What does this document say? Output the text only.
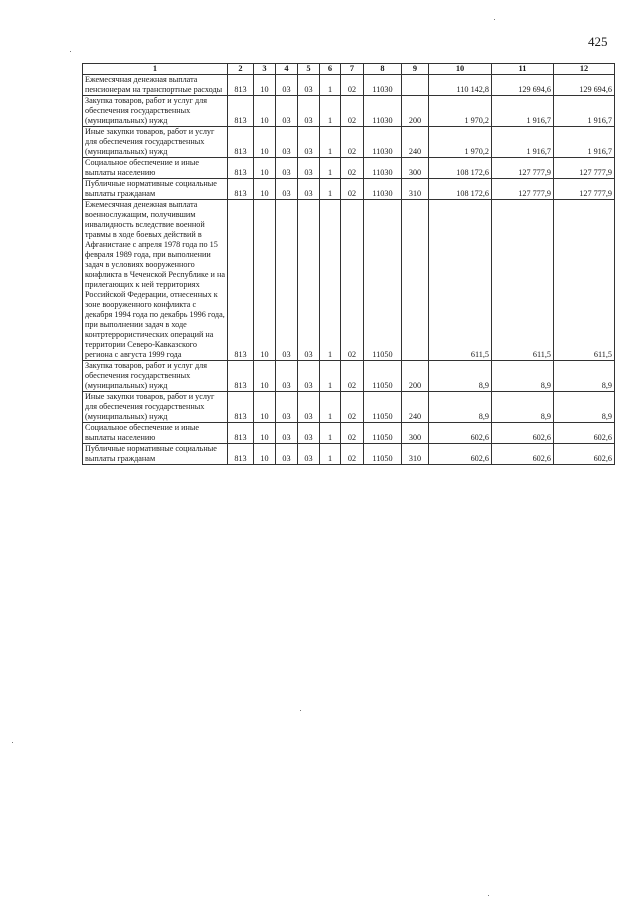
425
1	2	3	4	5	6	7	8	9	10	11	12
Ежемесячная денежная выплата пенсионерам на транспортные расходы	813	10	03	03	1	02	11030		110 142,8	129 694,6	129 694,6
Закупка товаров, работ и услуг для обеспечения государственных (муниципальных) нужд	813	10	03	03	1	02	11030	200	1 970,2	1 916,7	1 916,7
Иные закупки товаров, работ и услуг для обеспечения государственных (муниципальных) нужд	813	10	03	03	1	02	11030	240	1 970,2	1 916,7	1 916,7
Социальное обеспечение и иные выплаты населению	813	10	03	03	1	02	11030	300	108 172,6	127 777,9	127 777,9
Публичные нормативные социальные выплаты гражданам	813	10	03	03	1	02	11030	310	108 172,6	127 777,9	127 777,9
Ежемесячная денежная выплата военнослужащим, получившим инвалидность вследствие военной травмы в ходе боевых действий в Афганистане с апреля 1978 года по 15 февраля 1989 года, при выполнении задач в условиях вооруженного конфликта в Чеченской Республике и на прилегающих к ней территориях Российской Федерации, отнесенных к зоне вооруженного конфликта с декабря 1994 года по декабрь 1996 года, при выполнении задач в ходе контртеррористических операций на территории Северо-Кавказского региона с августа 1999 года	813	10	03	03	1	02	11050		611,5	611,5	611,5
Закупка товаров, работ и услуг для обеспечения государственных (муниципальных) нужд	813	10	03	03	1	02	11050	200	8,9	8,9	8,9
Иные закупки товаров, работ и услуг для обеспечения государственных (муниципальных) нужд	813	10	03	03	1	02	11050	240	8,9	8,9	8,9
Социальное обеспечение и иные выплаты населению	813	10	03	03	1	02	11050	300	602,6	602,6	602,6
Публичные нормативные социальные выплаты гражданам	813	10	03	03	1	02	11050	310	602,6	602,6	602,6
